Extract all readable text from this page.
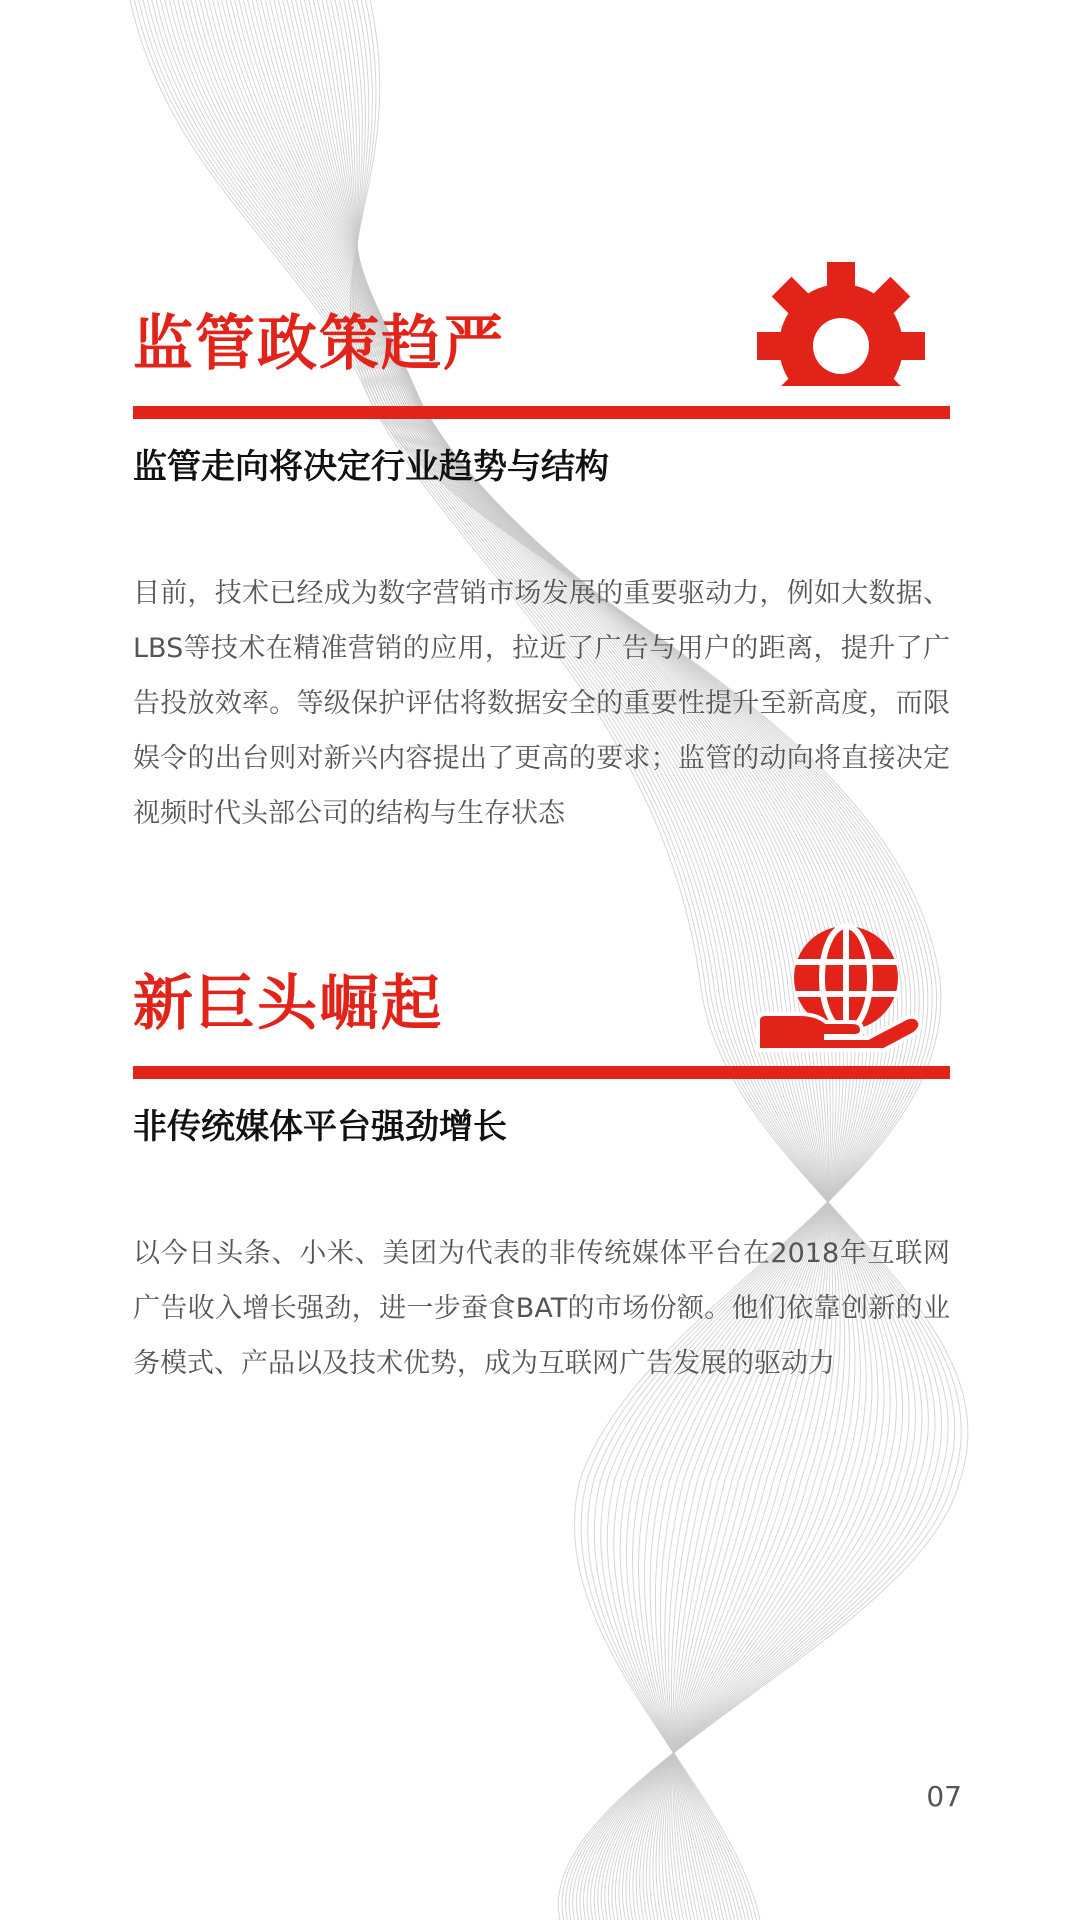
监管政策趋严

监管走向将决定行业趋势与结构

目前，技术已经成为数字营销市场发展的重要驱动力，例如大数据、LBS等技术在精准营销的应用，拉近了广告与用户的距离，提升了广告投放效率。等级保护评估将数据安全的重要性提升至新高度，而限娱令的出台则对新兴内容提出了更高的要求；监管的动向将直接决定视频时代头部公司的结构与生存状态

新巨头崛起

非传统媒体平台强劲增长

以今日头条、小米、美团为代表的非传统媒体平台在2018年互联网广告收入增长强劲，进一步蚕食BAT的市场份额。他们依靠创新的业务模式、产品以及技术优势，成为互联网广告发展的驱动力

07
